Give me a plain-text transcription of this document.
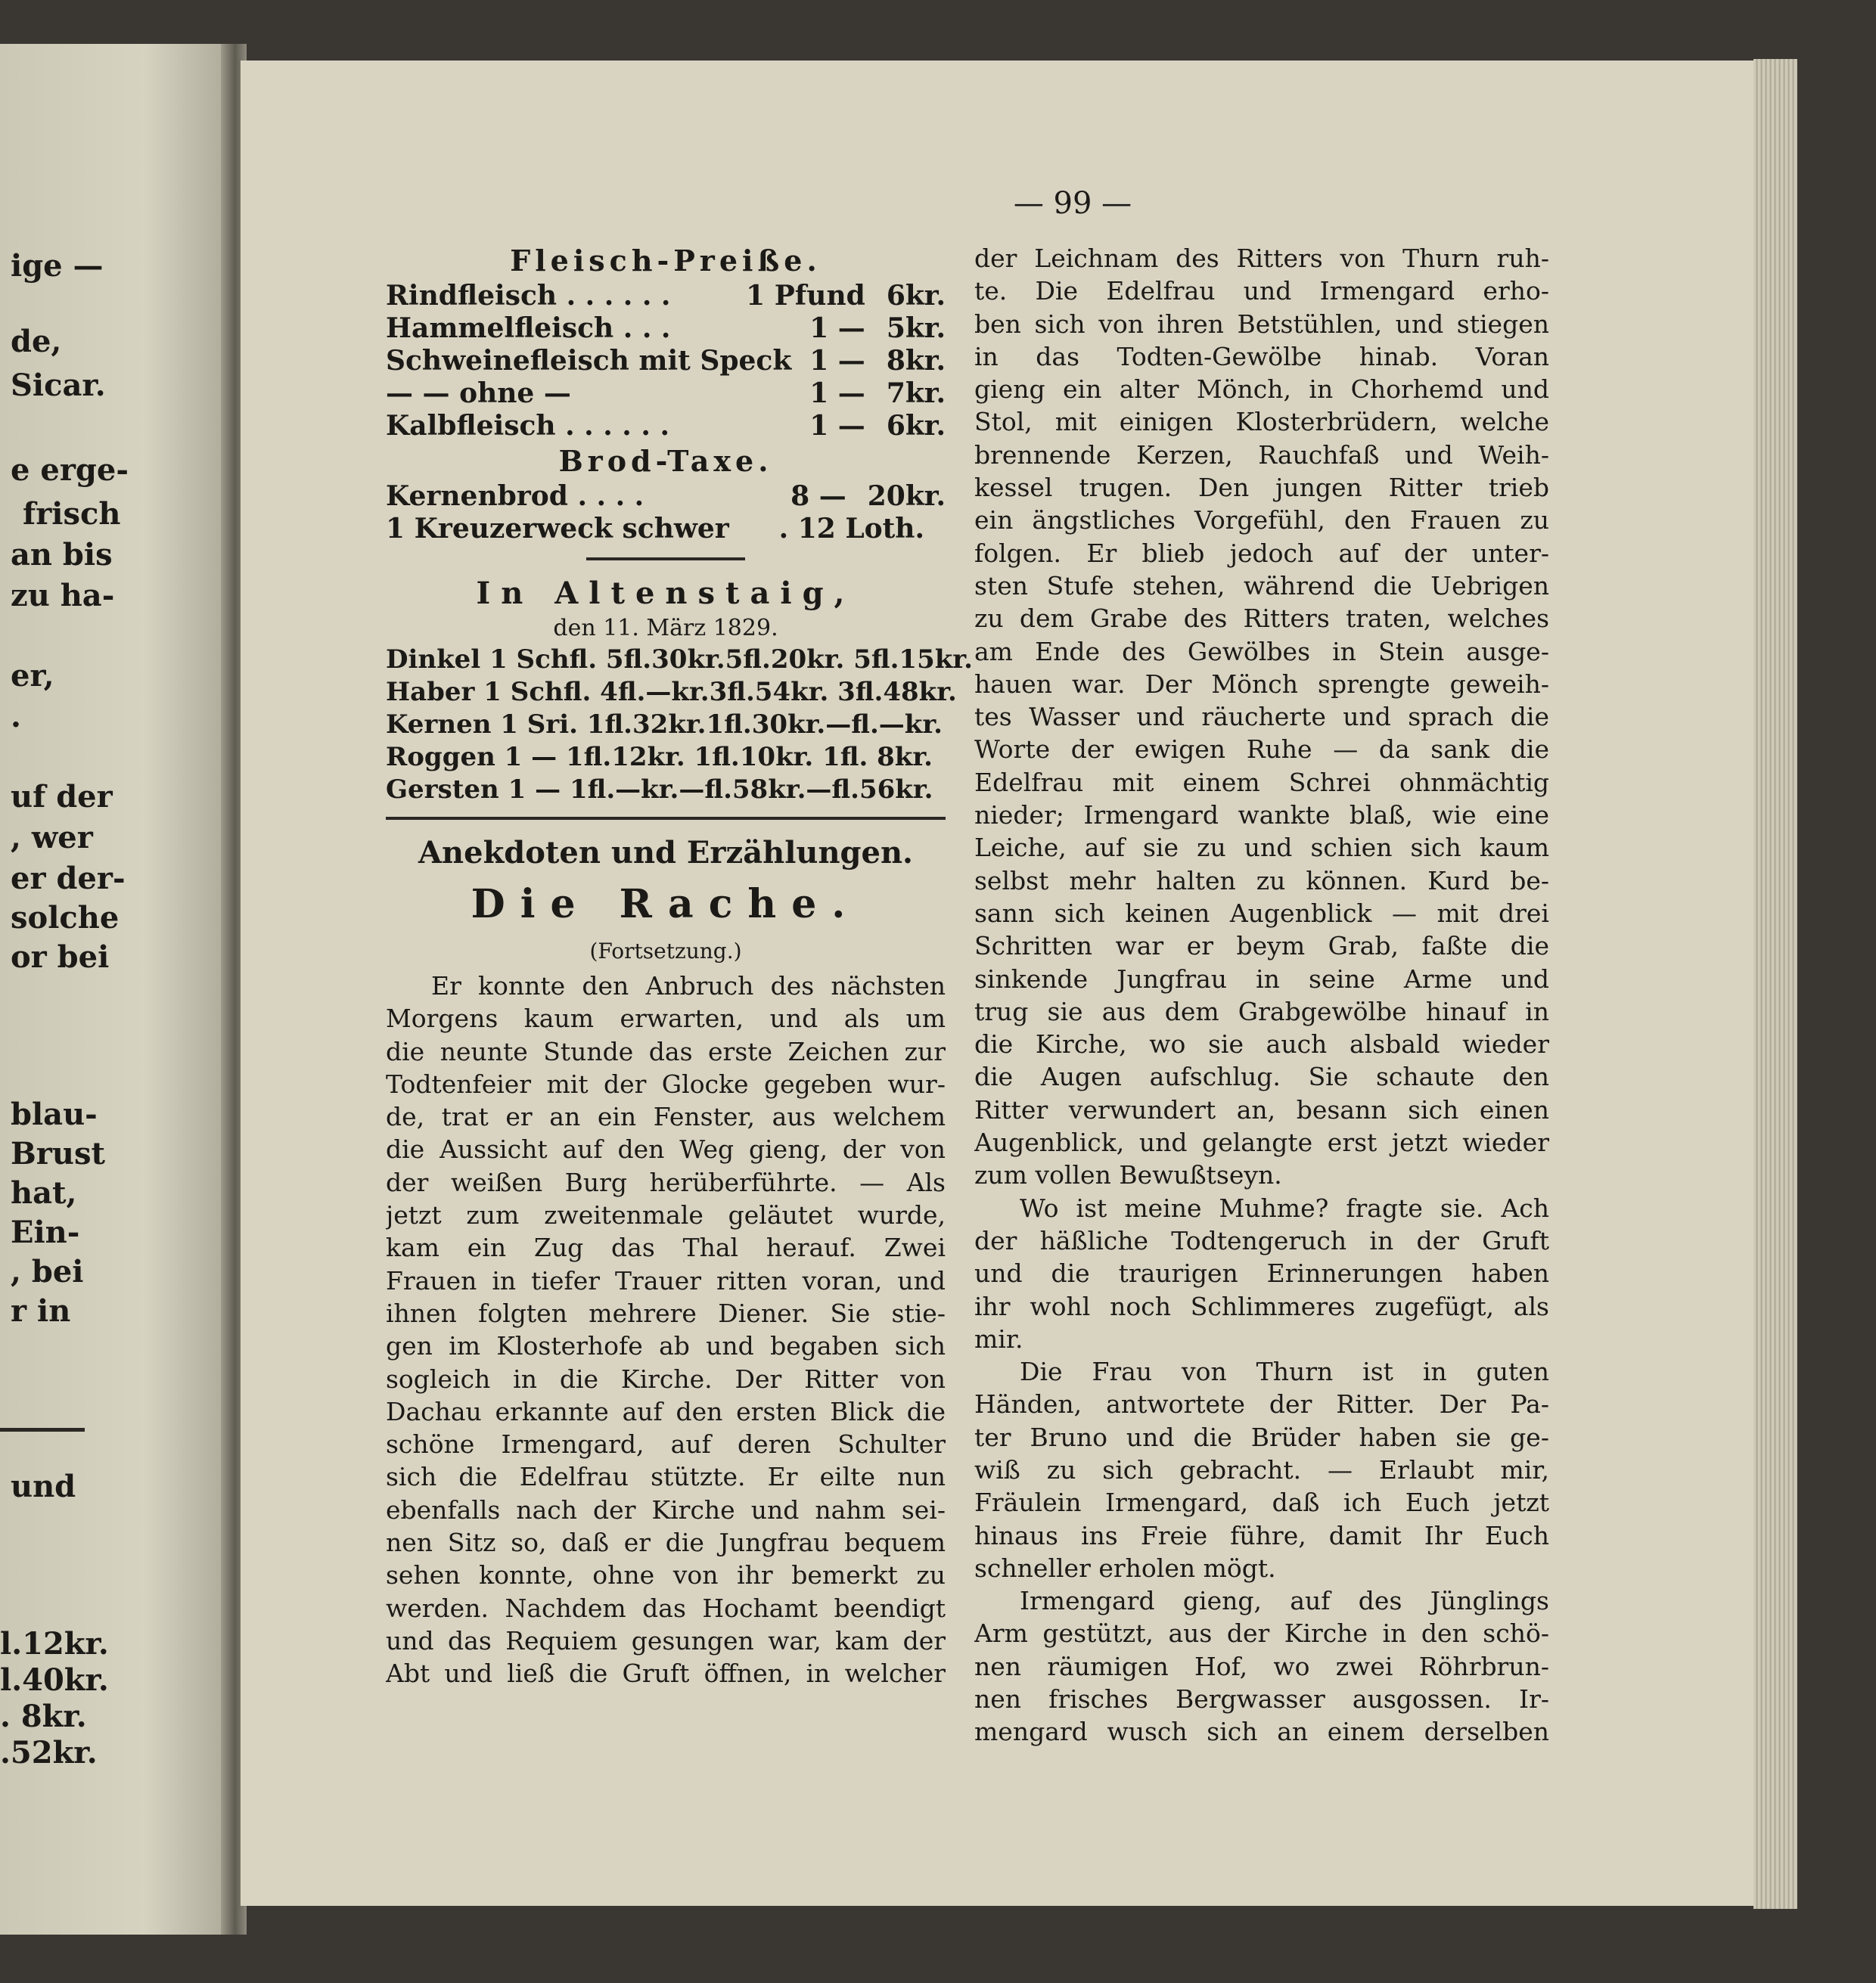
ige —
de,
Sicar.
e erge-
frisch
an bis
zu ha-
er,
.
uf der
, wer
er der-
solche
or bei
blau-
Brust
hat,
Ein-
, bei
r in
und
l.12kr.
l.40kr.
. 8kr.
.52kr.
— 99 —
Fleisch-Preiße.
Rindfleisch . . . . . .	1 Pfund 6kr.
Hammelfleisch . . .	1 — 5kr.
Schweinefleisch mit Speck 1 — 8kr.
— — ohne —	1 — 7kr.
Kalbfleisch . . . . . .	1 — 6kr.
Brod-Taxe.
Kernenbrod . . . .	8 — 20kr.
1 Kreuzerweck schwer	. 12 Loth.
In Altenstaig,
den 11. März 1829.
Dinkel 1 Schfl. 5fl.30kr.5fl.20kr. 5fl.15kr.
Haber 1 Schfl. 4fl.—kr.3fl.54kr. 3fl.48kr.
Kernen 1 Sri. 1fl.32kr.1fl.30kr.—fl.—kr.
Roggen 1 — 1fl.12kr. 1fl.10kr. 1fl. 8kr.
Gersten 1 — 1fl.—kr.—fl.58kr.—fl.56kr.
Anekdoten und Erzählungen.
Die Rache.
(Fortsetzung.)
Er konnte den Anbruch des nächsten
Morgens kaum erwarten, und als um
die neunte Stunde das erste Zeichen zur
Todtenfeier mit der Glocke gegeben wur-
de, trat er an ein Fenster, aus welchem
die Aussicht auf den Weg gieng, der von
der weißen Burg herüberführte. — Als
jetzt zum zweitenmale geläutet wurde,
kam ein Zug das Thal herauf. Zwei
Frauen in tiefer Trauer ritten voran, und
ihnen folgten mehrere Diener. Sie stie-
gen im Klosterhofe ab und begaben sich
sogleich in die Kirche. Der Ritter von
Dachau erkannte auf den ersten Blick die
schöne Irmengard, auf deren Schulter
sich die Edelfrau stützte. Er eilte nun
ebenfalls nach der Kirche und nahm sei-
nen Sitz so, daß er die Jungfrau bequem
sehen konnte, ohne von ihr bemerkt zu
werden. Nachdem das Hochamt beendigt
und das Requiem gesungen war, kam der
Abt und ließ die Gruft öffnen, in welcher
der Leichnam des Ritters von Thurn ruh-
te. Die Edelfrau und Irmengard erho-
ben sich von ihren Betstühlen, und stiegen
in das Todten-Gewölbe hinab. Voran
gieng ein alter Mönch, in Chorhemd und
Stol, mit einigen Klosterbrüdern, welche
brennende Kerzen, Rauchfaß und Weih-
kessel trugen. Den jungen Ritter trieb
ein ängstliches Vorgefühl, den Frauen zu
folgen. Er blieb jedoch auf der unter-
sten Stufe stehen, während die Uebrigen
zu dem Grabe des Ritters traten, welches
am Ende des Gewölbes in Stein ausge-
hauen war. Der Mönch sprengte geweih-
tes Wasser und räucherte und sprach die
Worte der ewigen Ruhe — da sank die
Edelfrau mit einem Schrei ohnmächtig
nieder; Irmengard wankte blaß, wie eine
Leiche, auf sie zu und schien sich kaum
selbst mehr halten zu können. Kurd be-
sann sich keinen Augenblick — mit drei
Schritten war er beym Grab, faßte die
sinkende Jungfrau in seine Arme und
trug sie aus dem Grabgewölbe hinauf in
die Kirche, wo sie auch alsbald wieder
die Augen aufschlug. Sie schaute den
Ritter verwundert an, besann sich einen
Augenblick, und gelangte erst jetzt wieder
zum vollen Bewußtseyn.
Wo ist meine Muhme? fragte sie. Ach
der häßliche Todtengeruch in der Gruft
und die traurigen Erinnerungen haben
ihr wohl noch Schlimmeres zugefügt, als
mir.
Die Frau von Thurn ist in guten
Händen, antwortete der Ritter. Der Pa-
ter Bruno und die Brüder haben sie ge-
wiß zu sich gebracht. — Erlaubt mir,
Fräulein Irmengard, daß ich Euch jetzt
hinaus ins Freie führe, damit Ihr Euch
schneller erholen mögt.
Irmengard gieng, auf des Jünglings
Arm gestützt, aus der Kirche in den schö-
nen räumigen Hof, wo zwei Röhrbrun-
nen frisches Bergwasser ausgossen. Ir-
mengard wusch sich an einem derselben
